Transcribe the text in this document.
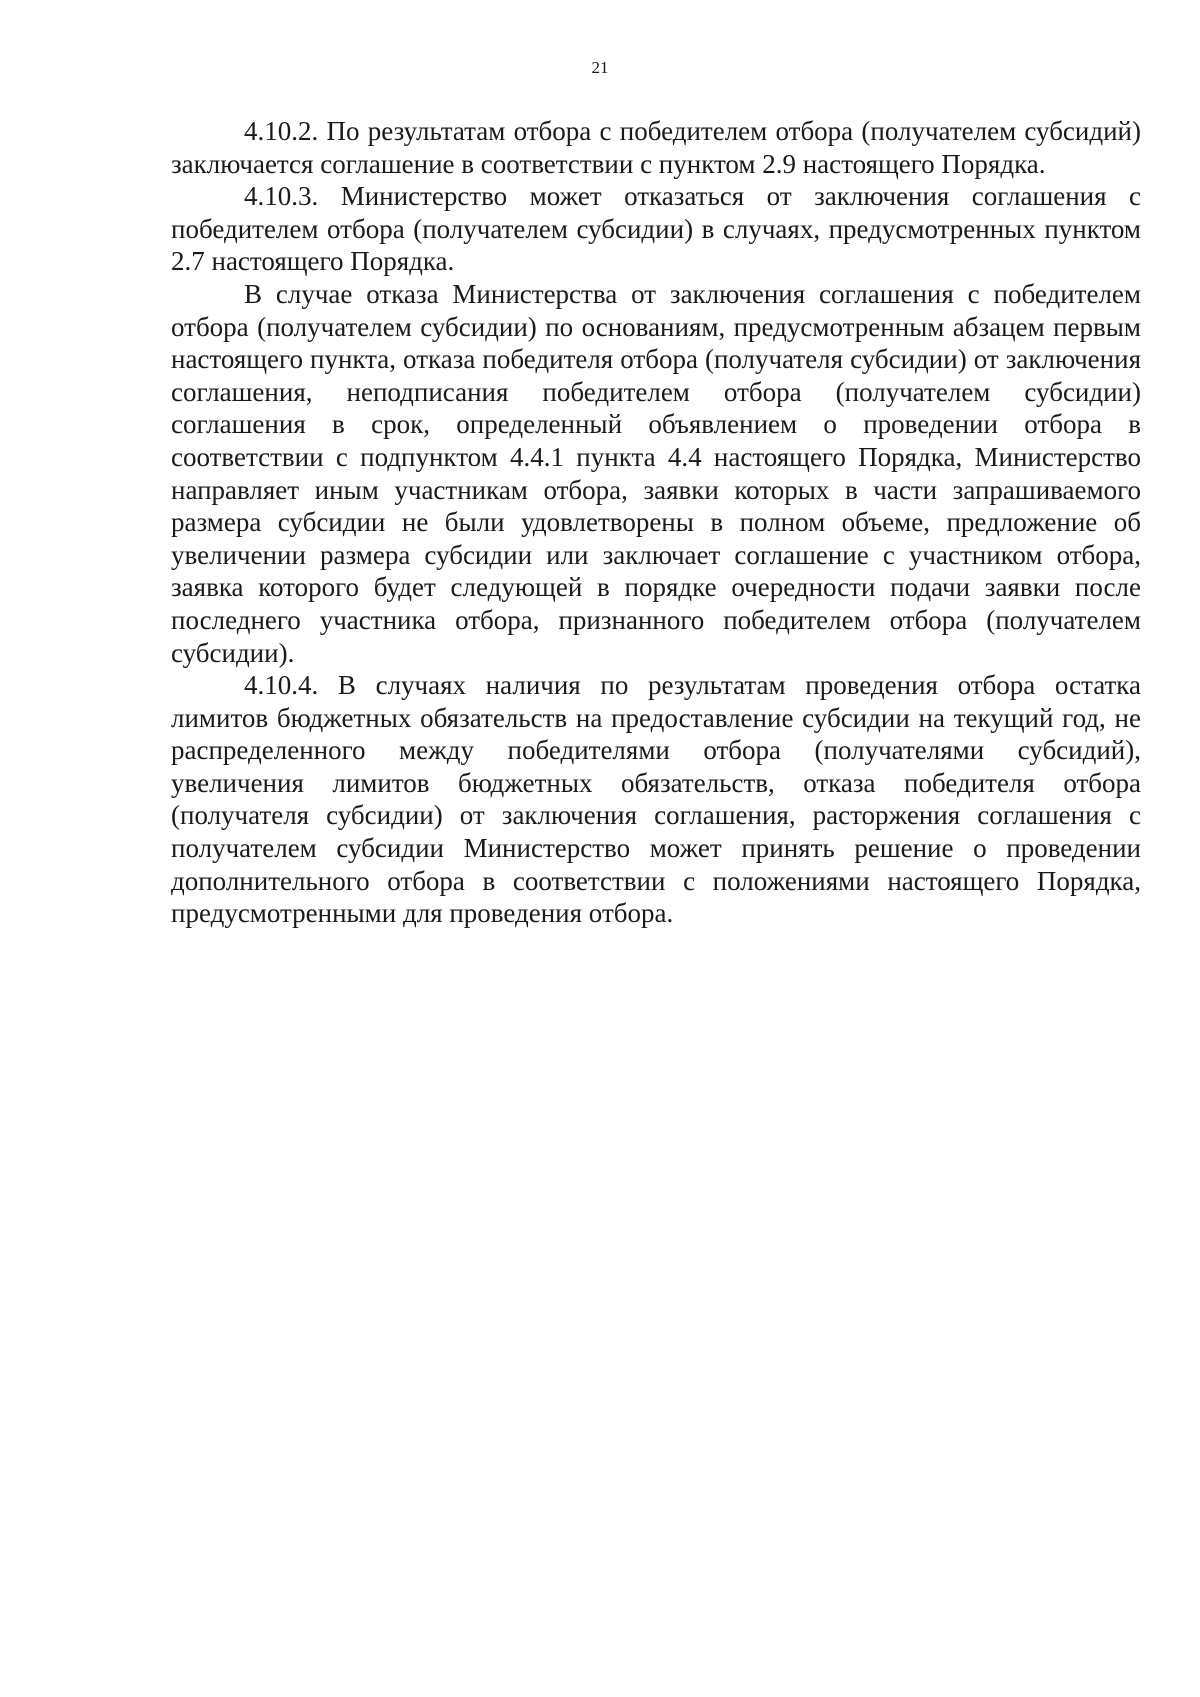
21

4.10.2. По результатам отбора с победителем отбора (получателем субсидий) заключается соглашение в соответствии с пунктом 2.9 настоящего Порядка.

4.10.3. Министерство может отказаться от заключения соглашения с победителем отбора (получателем субсидии) в случаях, предусмотренных пунктом 2.7 настоящего Порядка.

В случае отказа Министерства от заключения соглашения с победителем отбора (получателем субсидии) по основаниям, предусмотренным абзацем первым настоящего пункта, отказа победителя отбора (получателя субсидии) от заключения соглашения, неподписания победителем отбора (получателем субсидии) соглашения в срок, определенный объявлением о проведении отбора в соответствии с подпунктом 4.4.1 пункта 4.4 настоящего Порядка, Министерство направляет иным участникам отбора, заявки которых в части запрашиваемого размера субсидии не были удовлетворены в полном объеме, предложение об увеличении размера субсидии или заключает соглашение с участником отбора, заявка которого будет следующей в порядке очередности подачи заявки после последнего участника отбора, признанного победителем отбора (получателем субсидии).

4.10.4. В случаях наличия по результатам проведения отбора остатка лимитов бюджетных обязательств на предоставление субсидии на текущий год, не распределенного между победителями отбора (получателями субсидий), увеличения лимитов бюджетных обязательств, отказа победителя отбора (получателя субсидии) от заключения соглашения, расторжения соглашения с получателем субсидии Министерство может принять решение о проведении дополнительного отбора в соответствии с положениями настоящего Порядка, предусмотренными для проведения отбора.
